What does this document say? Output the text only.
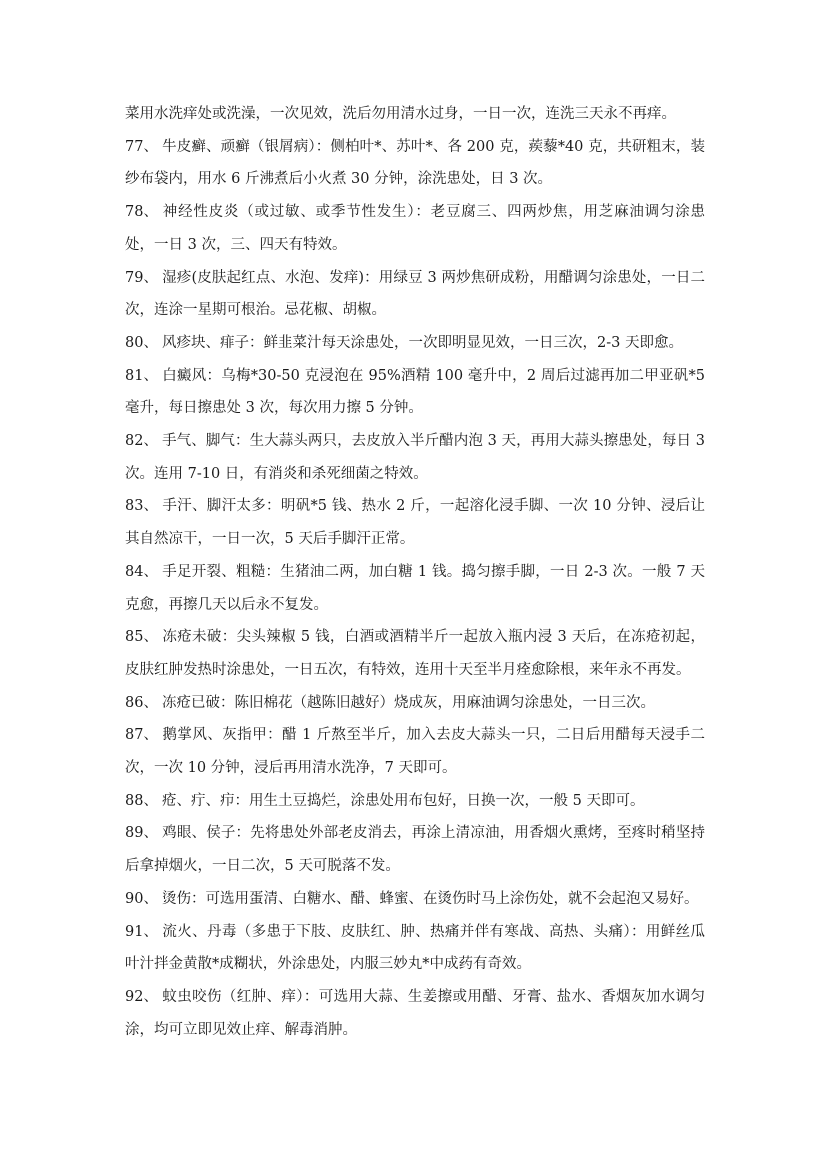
菜用水洗痒处或洗澡，一次见效，洗后勿用清水过身，一日一次，连洗三天永不再痒。

77、 牛皮癣、顽癣（银屑病）：侧柏叶*、苏叶*、各 200 克，蒺藜*40 克，共研粗末，装纱布袋内，用水 6 斤沸煮后小火煮 30 分钟，涂洗患处，日 3 次。

78、 神经性皮炎（或过敏、或季节性发生）：老豆腐三、四两炒焦，用芝麻油调匀涂患处，一日 3 次，三、四天有特效。

79、 湿疹(皮肤起红点、水泡、发痒)：用绿豆 3 两炒焦研成粉，用醋调匀涂患处，一日二次，连涂一星期可根治。忌花椒、胡椒。

80、 风疹块、痱子：鲜韭菜汁每天涂患处，一次即明显见效，一日三次，2-3 天即愈。

81、 白癜风：乌梅*30-50 克浸泡在 95%酒精 100 毫升中，2 周后过滤再加二甲亚矾*5 毫升，每日擦患处 3 次，每次用力擦 5 分钟。

82、 手气、脚气：生大蒜头两只，去皮放入半斤醋内泡 3 天，再用大蒜头擦患处，每日 3 次。连用 7-10 日，有消炎和杀死细菌之特效。

83、 手汗、脚汗太多：明矾*5 钱、热水 2 斤，一起溶化浸手脚、一次 10 分钟、浸后让其自然凉干，一日一次，5 天后手脚汗正常。

84、 手足开裂、粗糙：生猪油二两，加白糖 1 钱。捣匀擦手脚，一日 2-3 次。一般 7 天克愈，再擦几天以后永不复发。

85、 冻疮未破：尖头辣椒 5 钱，白酒或酒精半斤一起放入瓶内浸 3 天后，在冻疮初起，皮肤红肿发热时涂患处，一日五次，有特效，连用十天至半月痊愈除根，来年永不再发。

86、 冻疮已破：陈旧棉花（越陈旧越好）烧成灰，用麻油调匀涂患处，一日三次。

87、 鹅掌风、灰指甲：醋 1 斤熬至半斤，加入去皮大蒜头一只，二日后用醋每天浸手二次，一次 10 分钟，浸后再用清水洗净，7 天即可。

88、 疮、疔、疖：用生土豆捣烂，涂患处用布包好，日换一次，一般 5 天即可。

89、 鸡眼、侯子：先将患处外部老皮消去，再涂上清凉油，用香烟火熏烤，至疼时稍坚持后拿掉烟火，一日二次，5 天可脱落不发。

90、 烫伤：可选用蛋清、白糖水、醋、蜂蜜、在烫伤时马上涂伤处，就不会起泡又易好。

91、 流火、丹毒（多患于下肢、皮肤红、肿、热痛并伴有寒战、高热、头痛）：用鲜丝瓜叶汁拌金黄散*成糊状，外涂患处，内服三妙丸*中成药有奇效。

92、 蚊虫咬伤（红肿、痒）：可选用大蒜、生姜擦或用醋、牙膏、盐水、香烟灰加水调匀涂，均可立即见效止痒、解毒消肿。
